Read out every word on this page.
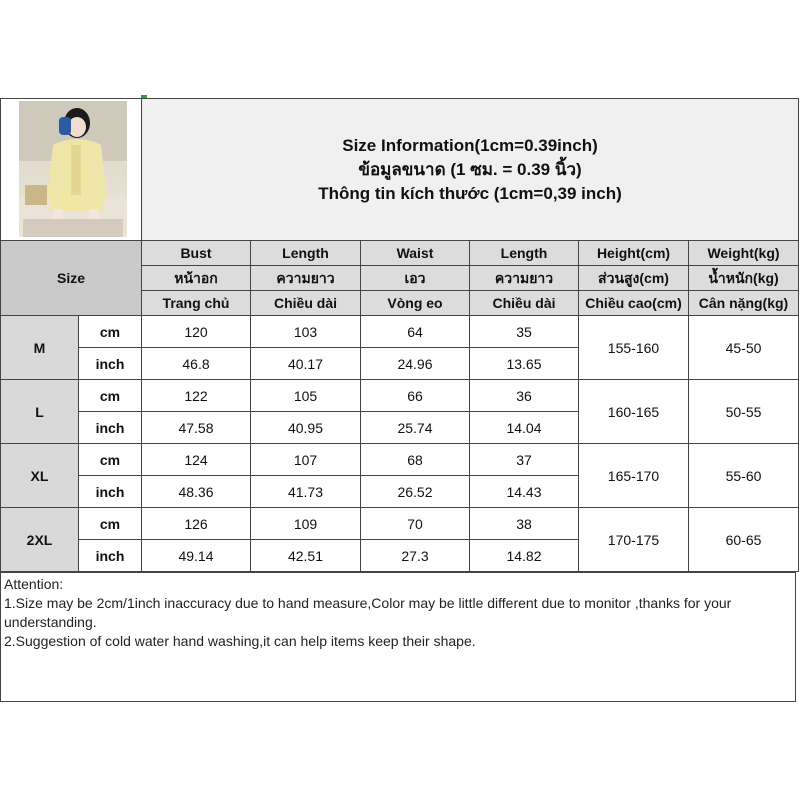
Size Information(1cm=0.39inch)
ข้อมูลขนาด (1 ซม. = 0.39 นิ้ว)
Thông tin kích thước (1cm=0,39 inch)					

Size		Bust	Length	Waist	Length	Height(cm)	Weight(kg)
		หน้าอก	ความยาว	เอว	ความยาว	ส่วนสูง(cm)	น้ำหนัก(kg)
		Trang chủ	Chiều dài	Vòng eo	Chiều dài	Chiều cao(cm)	Cân nặng(kg)
M	cm	120	103	64	35	155-160	45-50
	inch	46.8	40.17	24.96	13.65		
L	cm	122	105	66	36	160-165	50-55
	inch	47.58	40.95	25.74	14.04		
XL	cm	124	107	68	37	165-170	55-60
	inch	48.36	41.73	26.52	14.43		
2XL	cm	126	109	70	38	170-175	60-65
	inch	49.14	42.51	27.3	14.82		
Attention:
1.Size may be 2cm/1inch inaccuracy due to hand measure,Color may be little different due to monitor ,thanks for your understanding.
2.Suggestion of cold water hand washing,it can help items keep their shape.
